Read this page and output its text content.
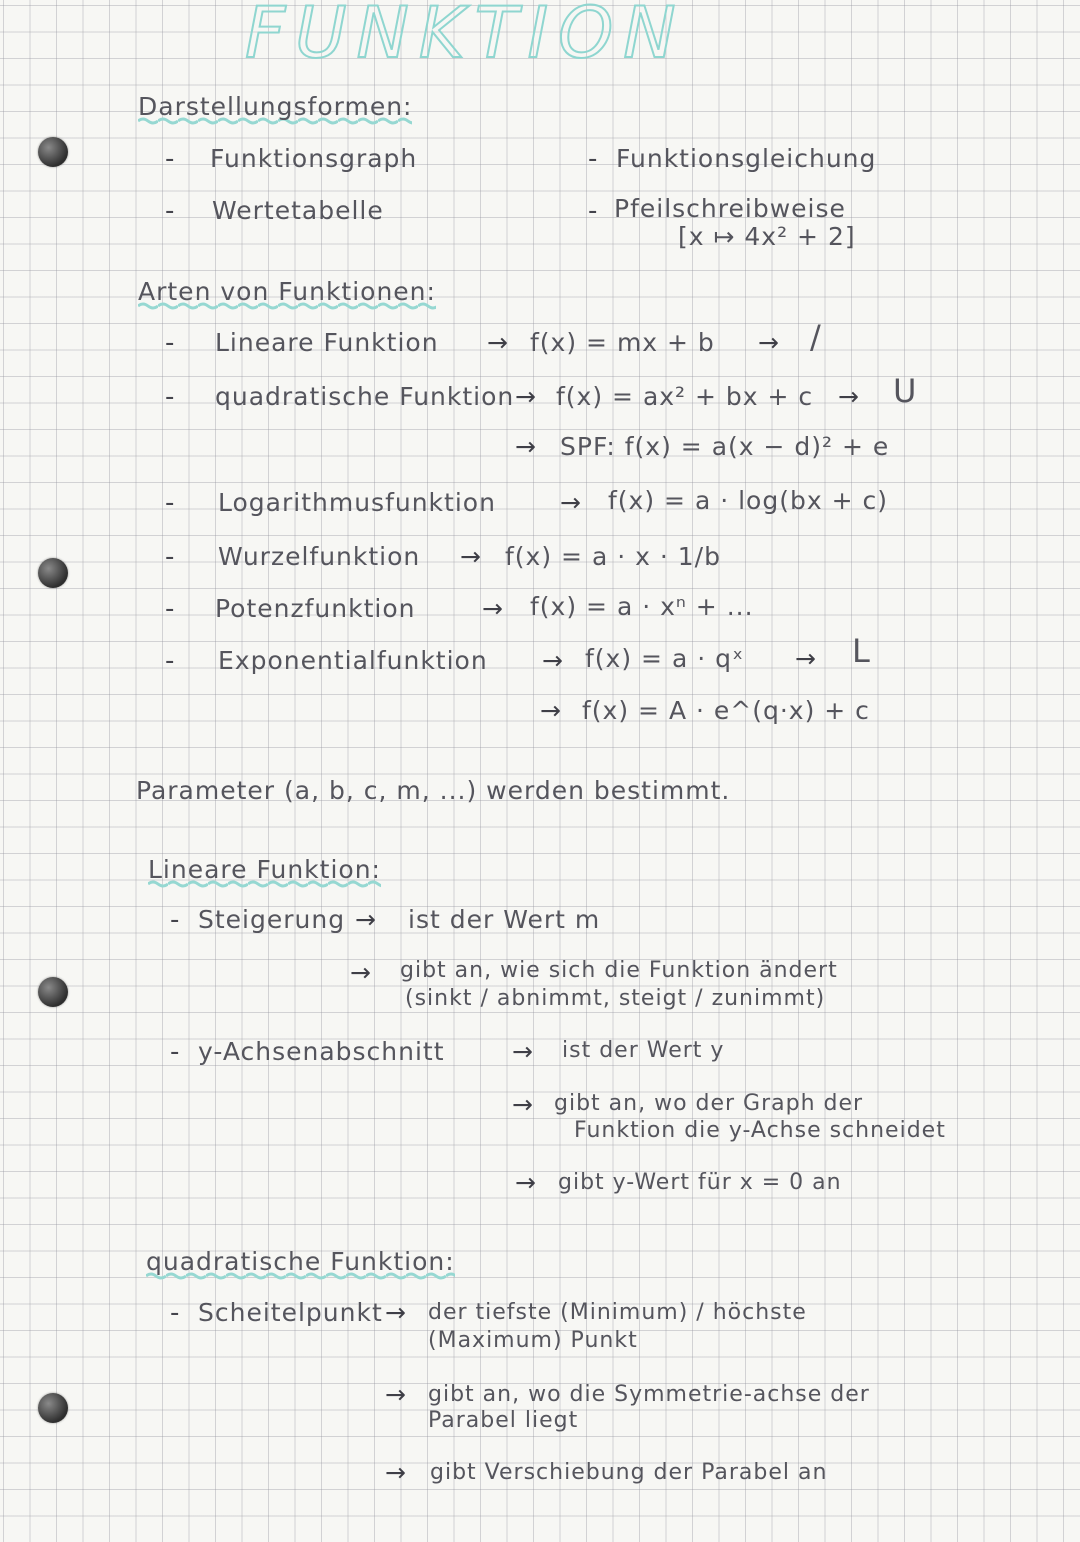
FUNKTION
Darstellungsformen:
- Funktionsgraph
- Wertetabelle
- Funktionsgleichung
- Pfeilschreibweise
[x ↦ 4x² + 2]
Arten von Funktionen:
- Lineare Funktion → f(x) = mx + b → /
- quadratische Funktion → f(x) = ax² + bx + c → U
→ SPF: f(x) = a(x − d)² + e
- Logarithmusfunktion	→ f(x) = a · log(bx + c)
- Wurzelfunktion → f(x) = a · x · 1/b
- Potenzfunktion	→ f(x) = a · xⁿ + ...
- Exponentialfunktion → f(x) = a · qˣ → L
→ f(x) = A · e^(q·x) + c
Parameter (a, b, c, m, ...) werden bestimmt.
Lineare Funktion:
- Steigerung → ist der Wert m
→ gibt an, wie sich die Funktion ändert
(sinkt / abnimmt, steigt / zunimmt)
- y-Achsenabschnitt	→ ist der Wert y
→ gibt an, wo der Graph der
Funktion die y-Achse schneidet
→ gibt y-Wert für x = 0 an
quadratische Funktion:
- Scheitelpunkt → der tiefste (Minimum) / höchste
(Maximum) Punkt
→ gibt an, wo die Symmetrie-achse der
Parabel liegt
→ gibt Verschiebung der Parabel an
